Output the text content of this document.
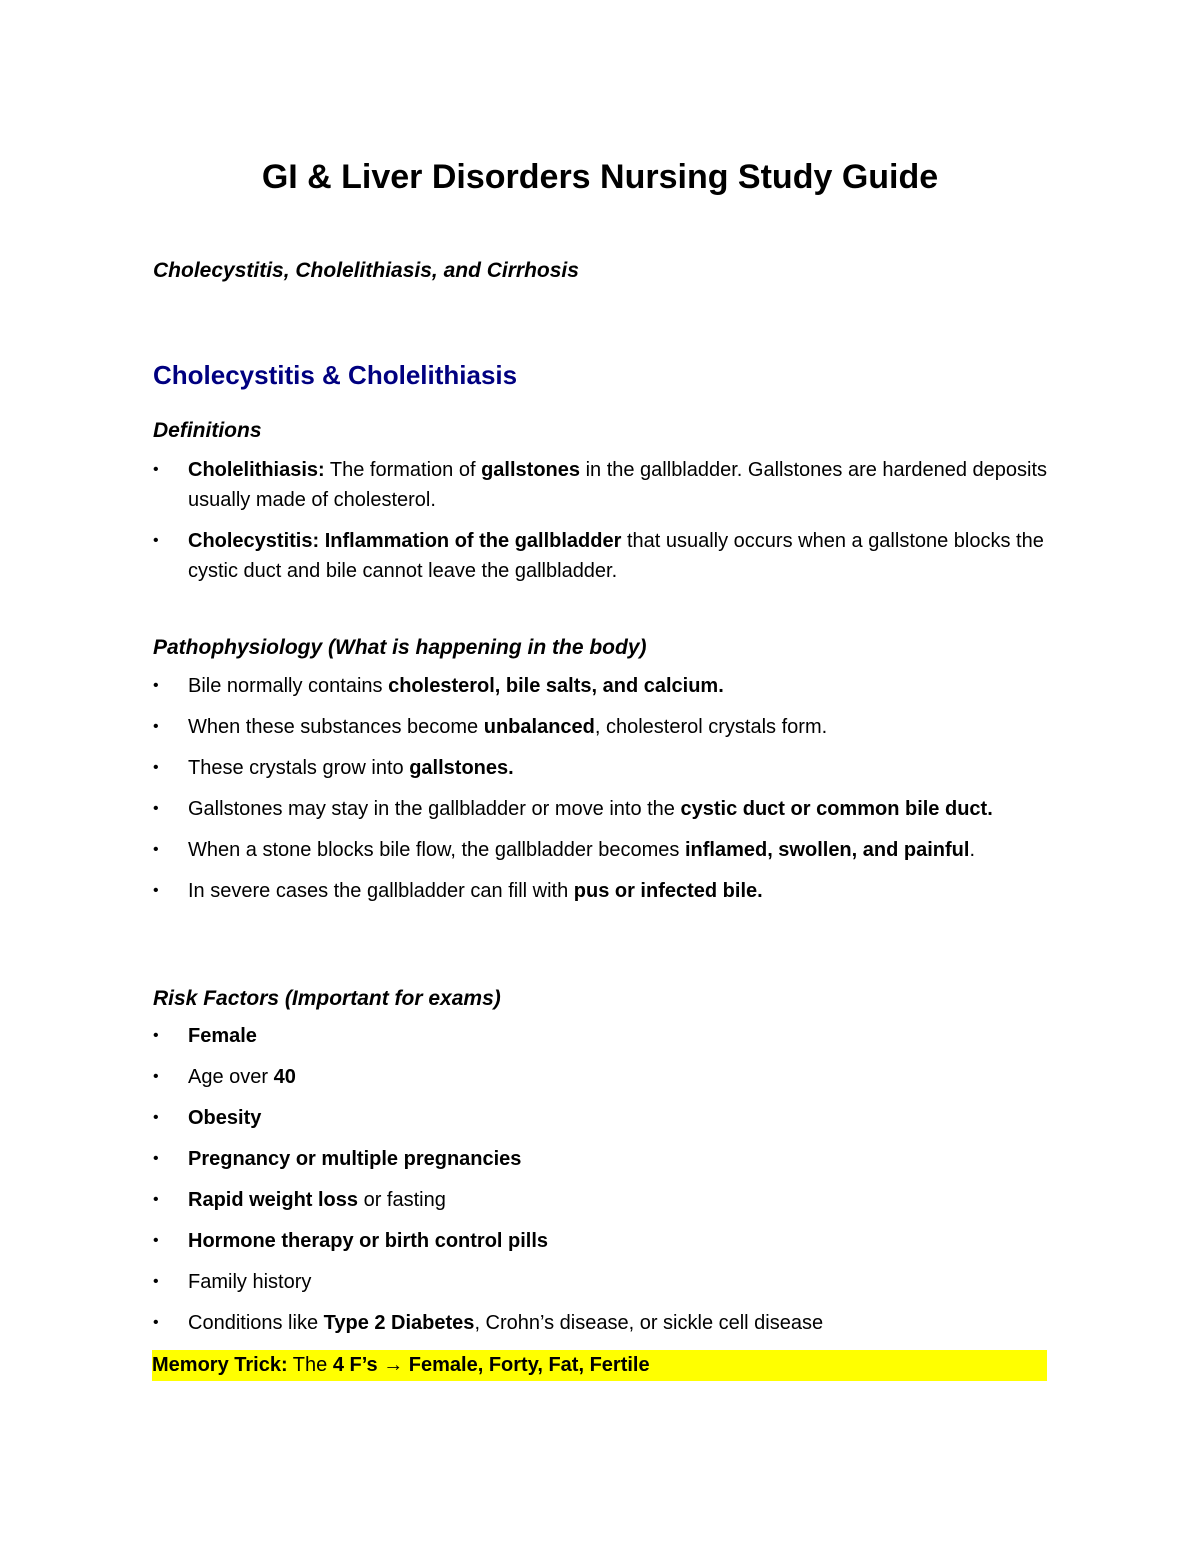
GI & Liver Disorders Nursing Study Guide
Cholecystitis, Cholelithiasis, and Cirrhosis
Cholecystitis & Cholelithiasis
Definitions
•	Cholelithiasis: The formation of gallstones in the gallbladder. Gallstones are hardened deposits usually made of cholesterol.
•	Cholecystitis: Inflammation of the gallbladder that usually occurs when a gallstone blocks the cystic duct and bile cannot leave the gallbladder.
Pathophysiology (What is happening in the body)
•	Bile normally contains cholesterol, bile salts, and calcium.
•	When these substances become unbalanced, cholesterol crystals form.
•	These crystals grow into gallstones.
•	Gallstones may stay in the gallbladder or move into the cystic duct or common bile duct.
•	When a stone blocks bile flow, the gallbladder becomes inflamed, swollen, and painful.
•	In severe cases the gallbladder can fill with pus or infected bile.
Risk Factors (Important for exams)
•	Female
•	Age over 40
•	Obesity
•	Pregnancy or multiple pregnancies
•	Rapid weight loss or fasting
•	Hormone therapy or birth control pills
•	Family history
•	Conditions like Type 2 Diabetes, Crohn’s disease, or sickle cell disease
Memory Trick: The 4 F’s → Female, Forty, Fat, Fertile
